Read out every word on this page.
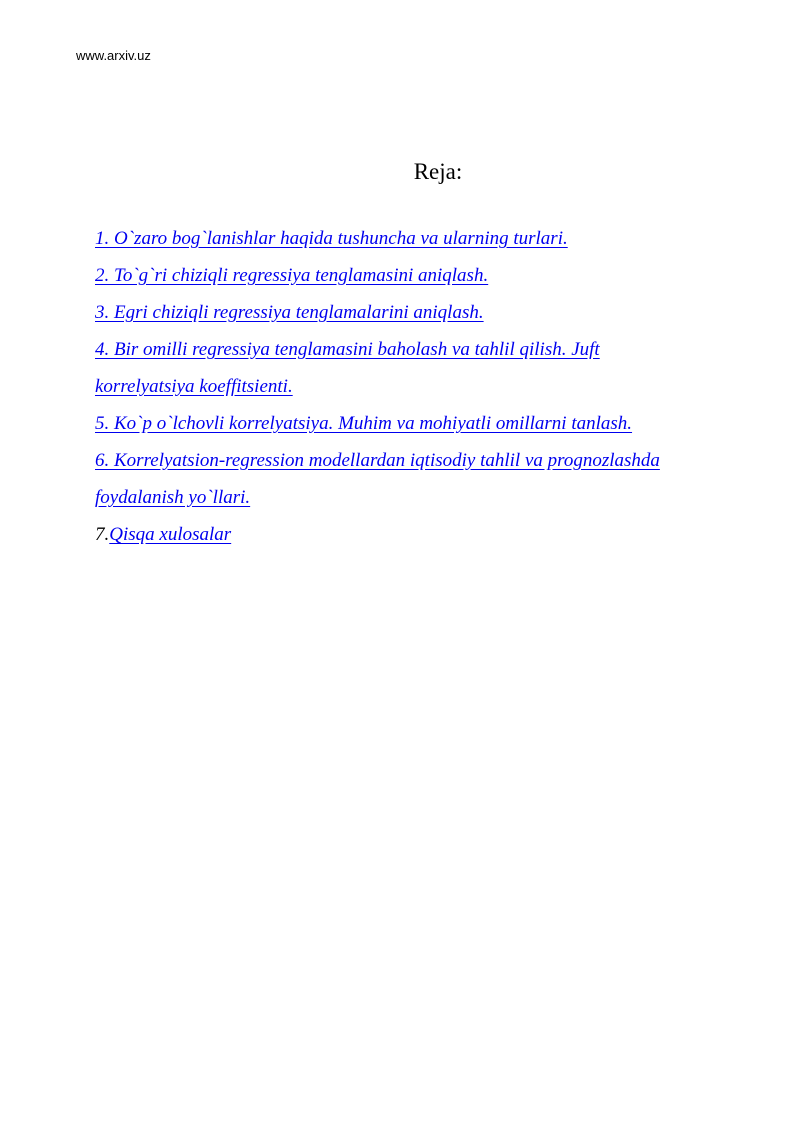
www.arxiv.uz
Reja:
1. O`zaro bog`lanishlar haqida tushuncha va ularning turlari.
2. To`g`ri chiziqli regressiya tenglamasini aniqlash.
3. Egri chiziqli regressiya tenglamalarini aniqlash.
4. Bir omilli regressiya tenglamasini baholash va tahlil qilish. Juft
korrelyatsiya koeffitsienti.
5. Ko`p o`lchovli korrelyatsiya. Muhim va mohiyatli omillarni tanlash.
6. Korrelyatsion-regression modellardan iqtisodiy tahlil va prognozlashda
foydalanish yo`llari.
7.Qisqa xulosalar
